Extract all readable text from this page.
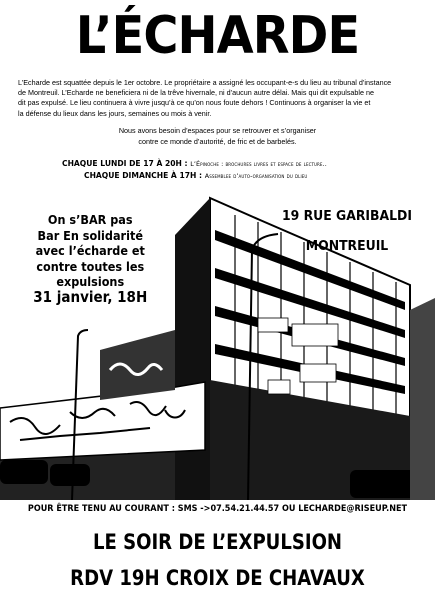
L’ÉCHARDE

L’Echarde est squattée depuis le 1er octobre. Le propriétaire a assigné les occupant-e-s du lieu au tribunal d’instance

de Montreuil. L’Echarde ne beneficiera ni de la trêve hivernale, ni d’aucun autre délai. Mais qui dit expulsable ne

dit pas expulsé. Le lieu continuera à vivre jusqu’à ce qu’on nous foute dehors ! Continuons à organiser la vie et

la défense du lieux dans les jours, semaines ou mois à venir.

Nous avons besoin d’espaces pour se retrouver et s’organiser
contre ce monde d’autorité, de fric et de barbelés.
CHAQUE LUNDI DE 17 À 20H : L’Épinoche : brochures livres et espace de lecture..
CHAQUE DIMANCHE À 17H : Assemblee d’auto-organisation du dlieu
On s’BAR pas
Bar En solidarité
avec l’écharde et
contre toutes les
expulsions
31 janvier, 18H
19 RUE GARIBALDI
MONTREUIL
POUR ÊTRE TENU AU COURANT : SMS ->07.54.21.44.57 OU LECHARDE@RISEUP.NET
LE SOIR DE L’EXPULSION
RDV 19H CROIX DE CHAVAUX
